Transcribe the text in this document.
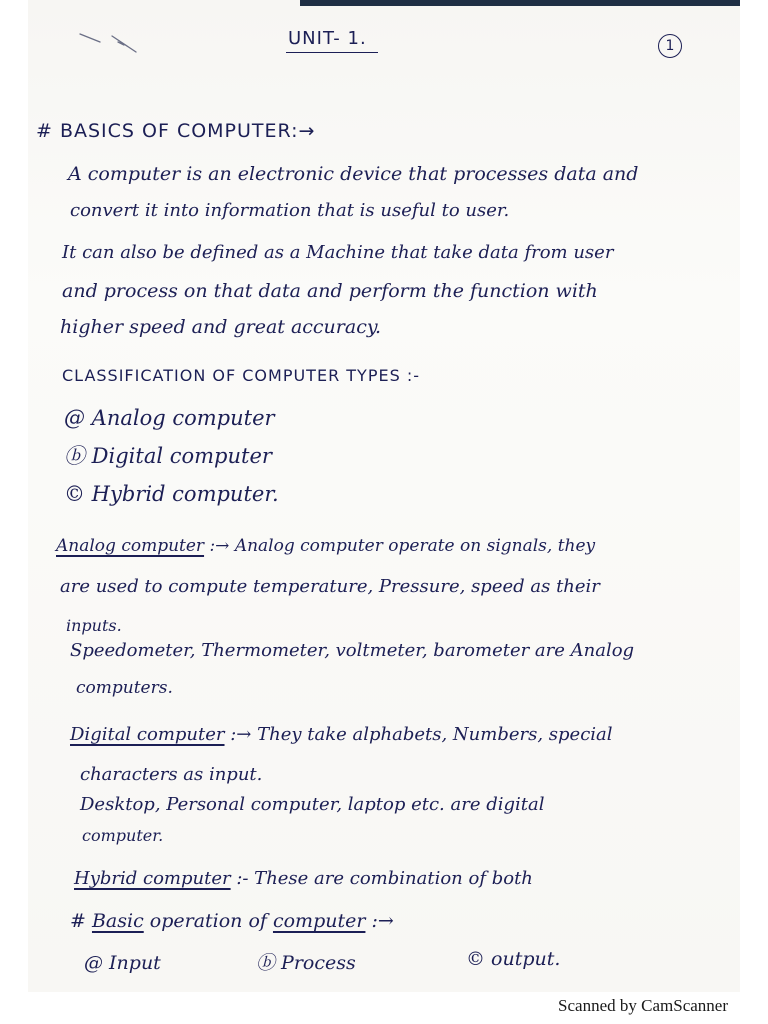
UNIT- 1.	1
# BASICS OF COMPUTER:→
A computer is an electronic device that processes data and
convert it into information that is useful to user.
It can also be defined as a Machine that take data from user
and process on that data and perform the function with
higher speed and great accuracy.
CLASSIFICATION OF COMPUTER TYPES :-
@ Analog computer
ⓑ Digital computer
© Hybrid computer.
Analog computer :→ Analog computer operate on signals, they
are used to compute temperature, Pressure, speed as their
inputs.
Speedometer, Thermometer, voltmeter, barometer are Analog
computers.
Digital computer :→ They take alphabets, Numbers, special
characters as input.
Desktop, Personal computer, laptop etc. are digital
computer.
Hybrid computer :- These are combination of both
# Basic operation of computer :→
@ Input	ⓑ Process	© output.
Scanned by CamScanner
